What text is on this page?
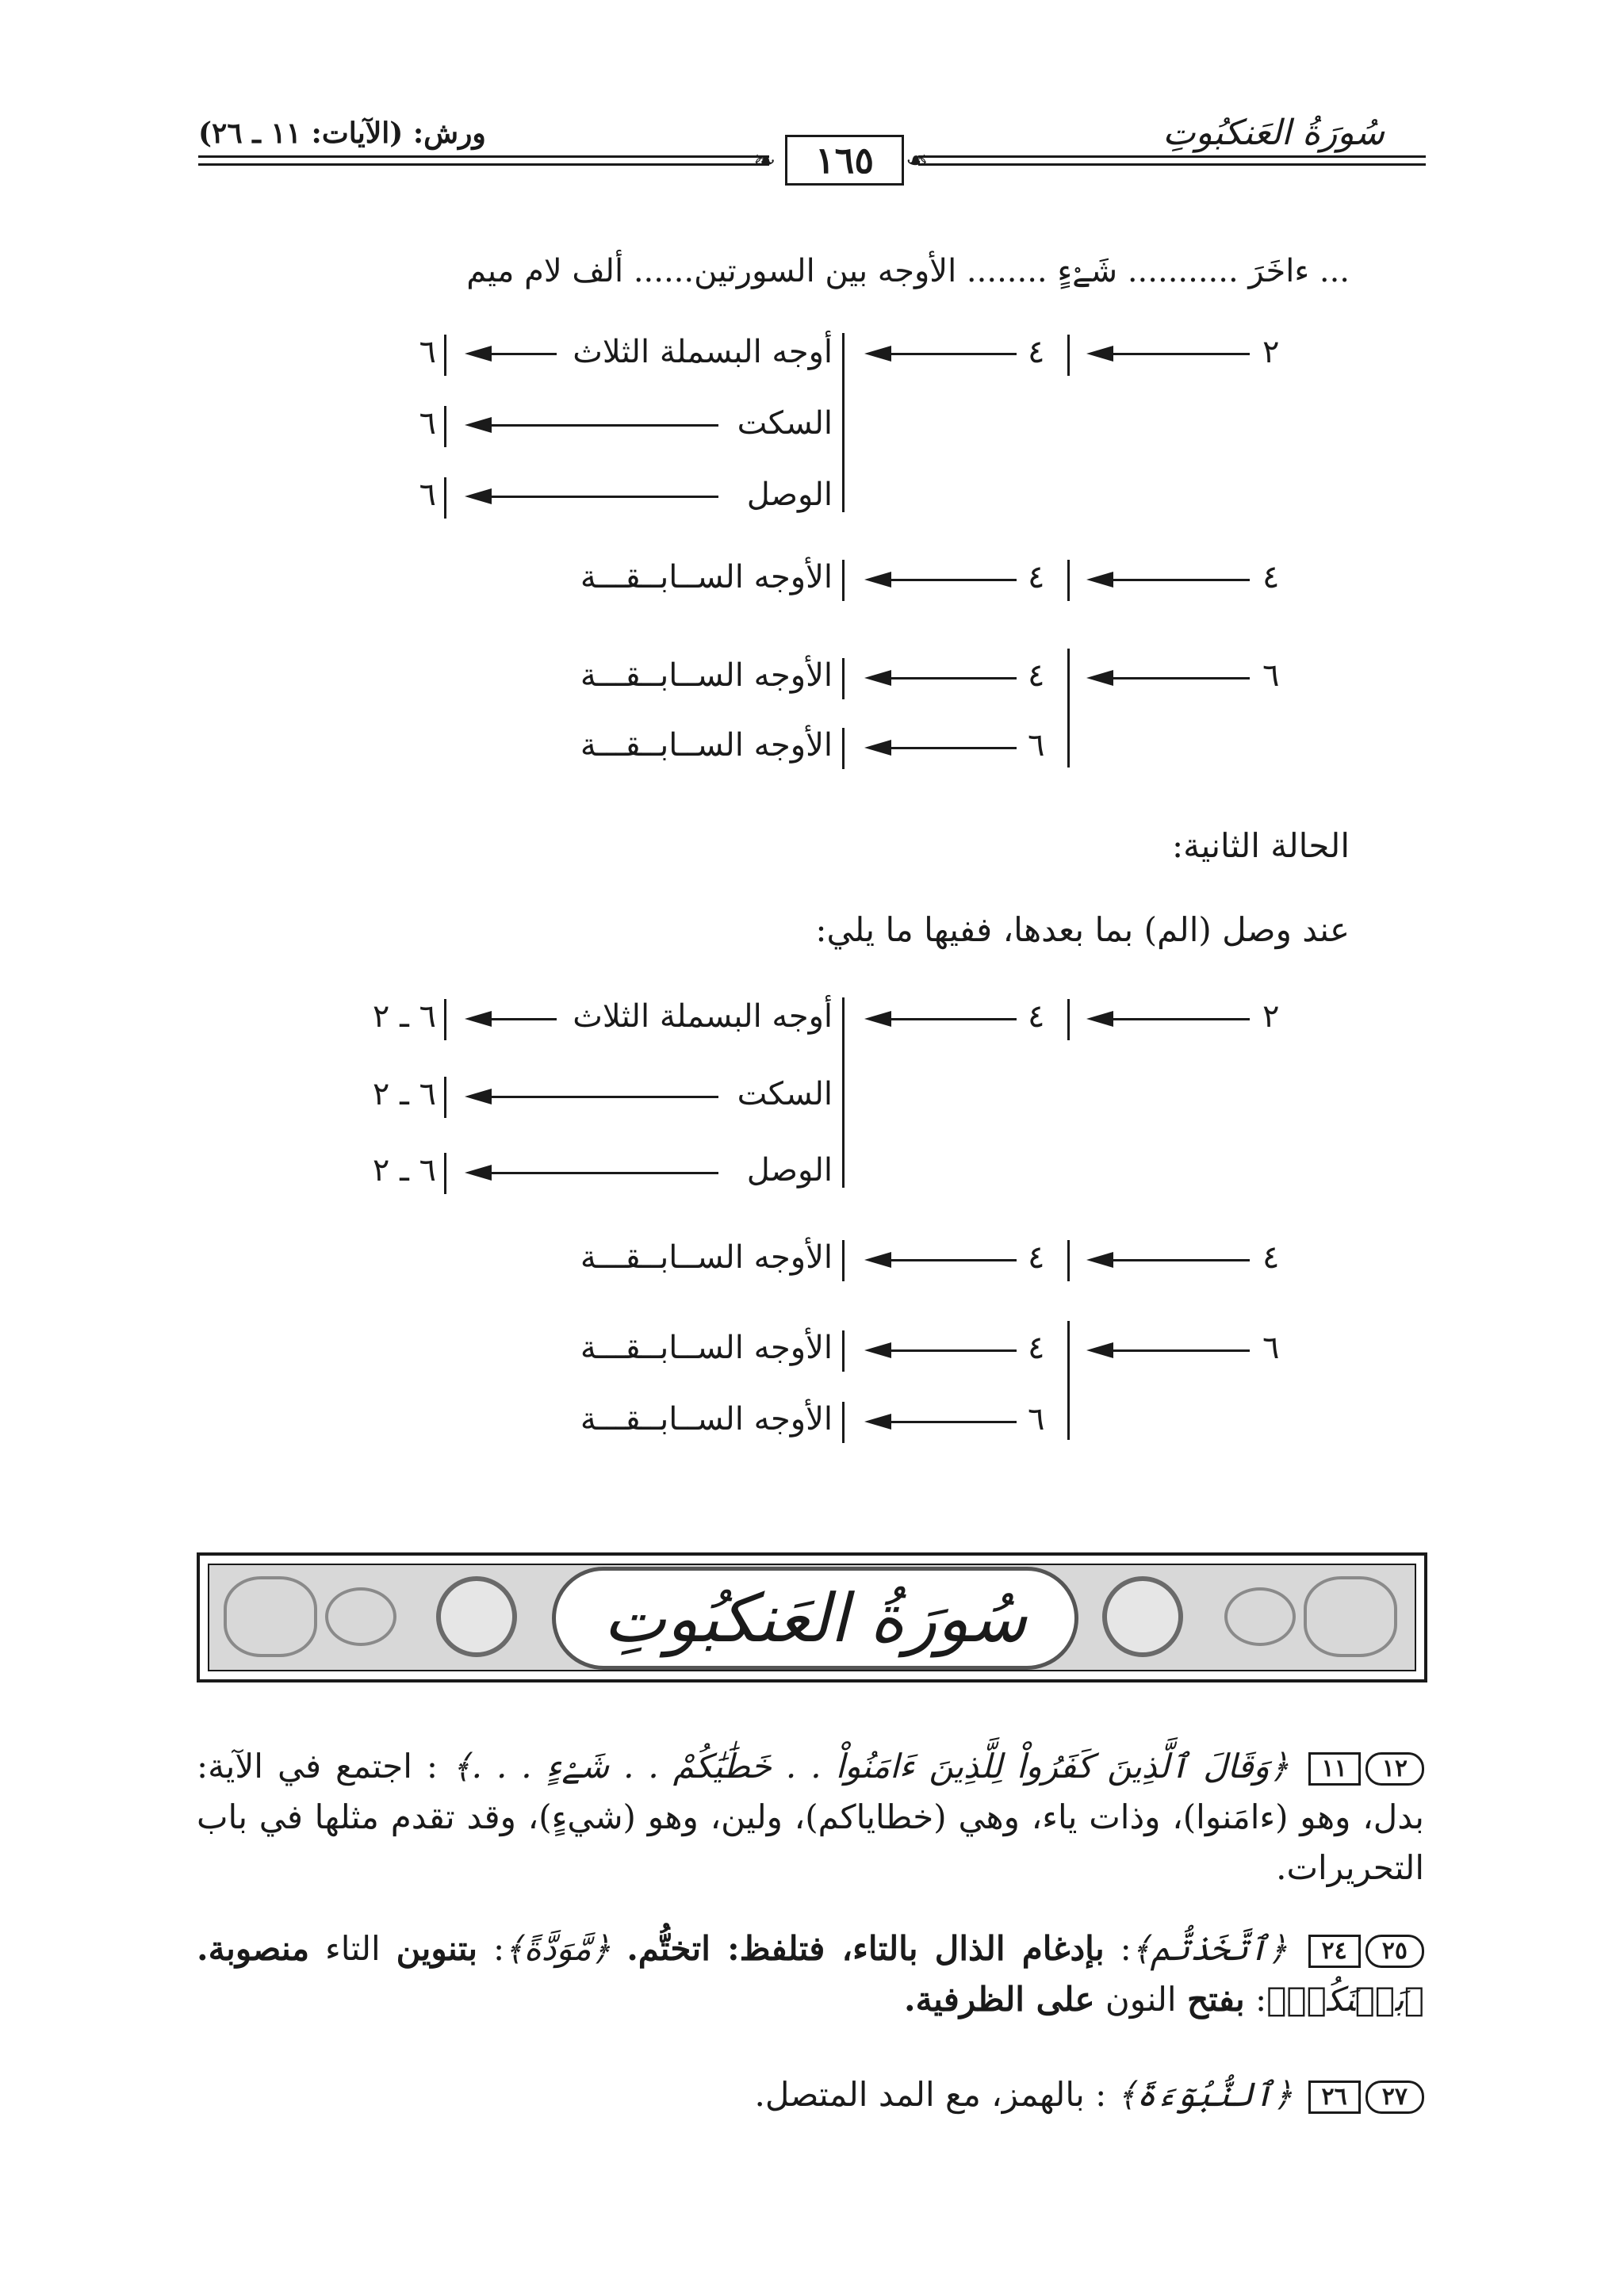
سُورَةُ العَنكبُوتِ
ورش: (الآيات: ١١ ـ ٢٦)
❧	❧
١٦٥
... ءاخَرَ ........... شَےْءٍ ........ الأوجه بين السورتين...... ألف لام ميم
٢
٤
٦
٤
٤
٤
٦
أوجه البسملة الثلاث
السكت
الوصل
٦
٦
٦
الأوجه الســابــقـــة
الأوجه الســابــقـــة
الأوجه الســابــقـــة
الحالة الثانية:
عند وصل (الم) بما بعدها، ففيها ما يلي:
٢
٤
٦
٤
٤
٤
٦
أوجه البسملة الثلاث
السكت
الوصل
٦ ـ ٢
٦ ـ ٢
٦ ـ ٢
الأوجه الســابــقـــة
الأوجه الســابــقـــة
الأوجه الســابــقـــة
سُورَةُ العَنكبُوتِ
١٢١١ ﴿وَقَالَ ٱلَّذِينَ كَفَرُواْ لِلَّذِينَ ءَامَنُواْ . . خَطَٰيَٰكُمْ . . شَےْءٍ . . .﴾ : اجتمع في الآية: بدل، وهو (ءامَنوا)، وذات ياء، وهي (خطاياكم)، ولين، وهو (شيءٍ)، وقد تقدم مثلها في باب التحريرات.
٢٥٢٤ ﴿ٱتَّخَذتُّم﴾: بإدغام الذال بالتاء، فتلفظ: اتختُّم. ﴿مَّوَدَّةً﴾: بتنوين التاء منصوبة. ﴿بَيۡنَكُمۡ﴾: بفتح النون على الظرفية.
٢٧٢٦ ﴿ٱلنُّبُوٓءَةَ﴾ : بالهمز، مع المد المتصل.
